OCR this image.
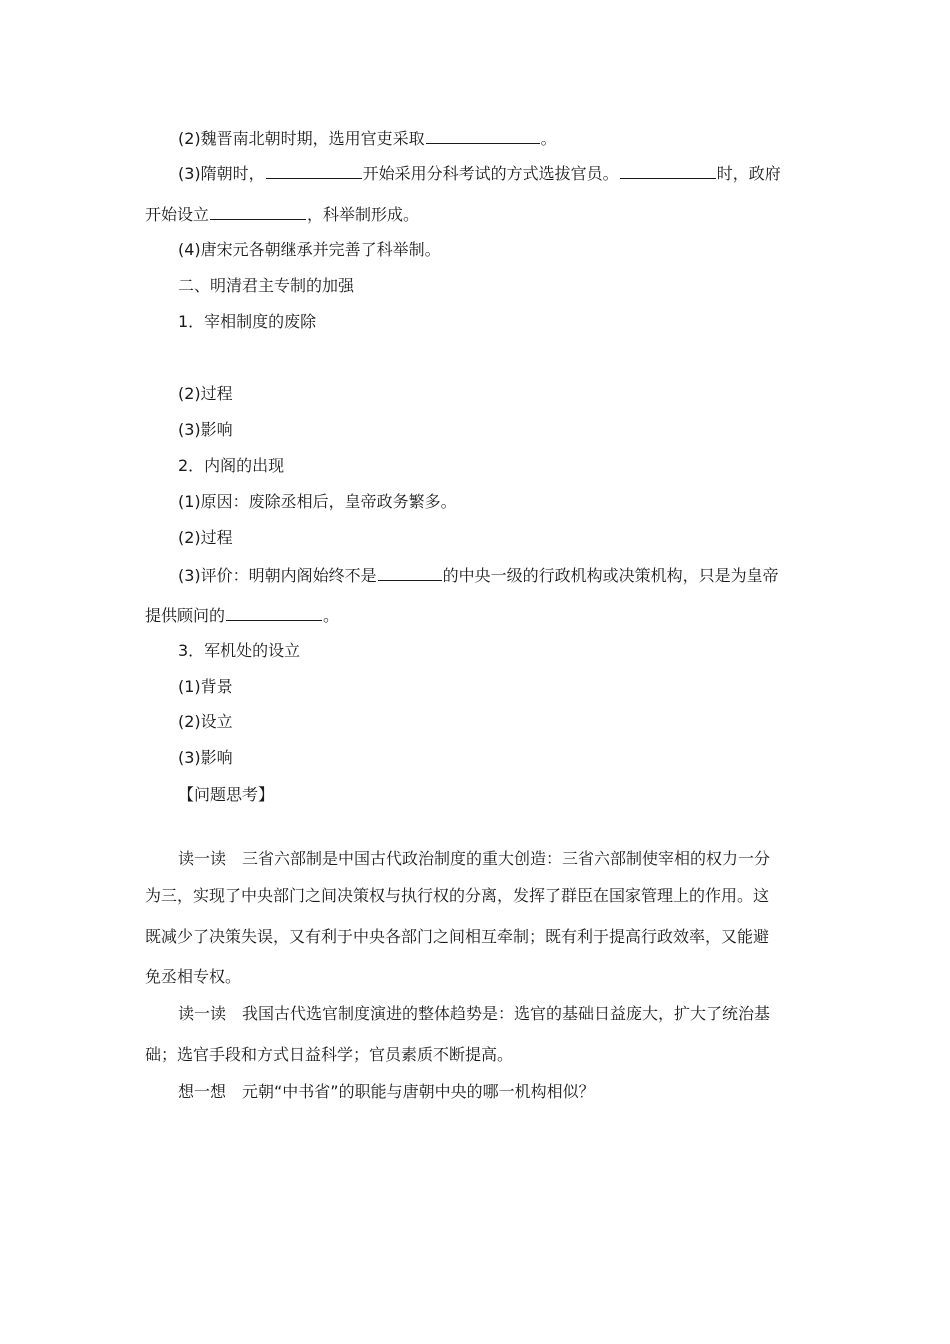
(2)魏晋南北朝时期，选用官吏采取	。
(3)隋朝时，	开始采用分科考试的方式选拔官员。	时，政府
开始设立	，科举制形成。
(4)唐宋元各朝继承并完善了科举制。
二、明清君主专制的加强
1．宰相制度的废除
(2)过程
(3)影响
2．内阁的出现
(1)原因：废除丞相后，皇帝政务繁多。
(2)过程
(3)评价：明朝内阁始终不是	的中央一级的行政机构或决策机构，只是为皇帝
提供顾问的	。
3．军机处的设立
(1)背景
(2)设立
(3)影响
【问题思考】
读一读 三省六部制是中国古代政治制度的重大创造：三省六部制使宰相的权力一分
为三，实现了中央部门之间决策权与执行权的分离，发挥了群臣在国家管理上的作用。这
既减少了决策失误，又有利于中央各部门之间相互牵制；既有利于提高行政效率，又能避
免丞相专权。
读一读 我国古代选官制度演进的整体趋势是：选官的基础日益庞大，扩大了统治基
础；选官手段和方式日益科学；官员素质不断提高。
想一想 元朝“中书省”的职能与唐朝中央的哪一机构相似？
